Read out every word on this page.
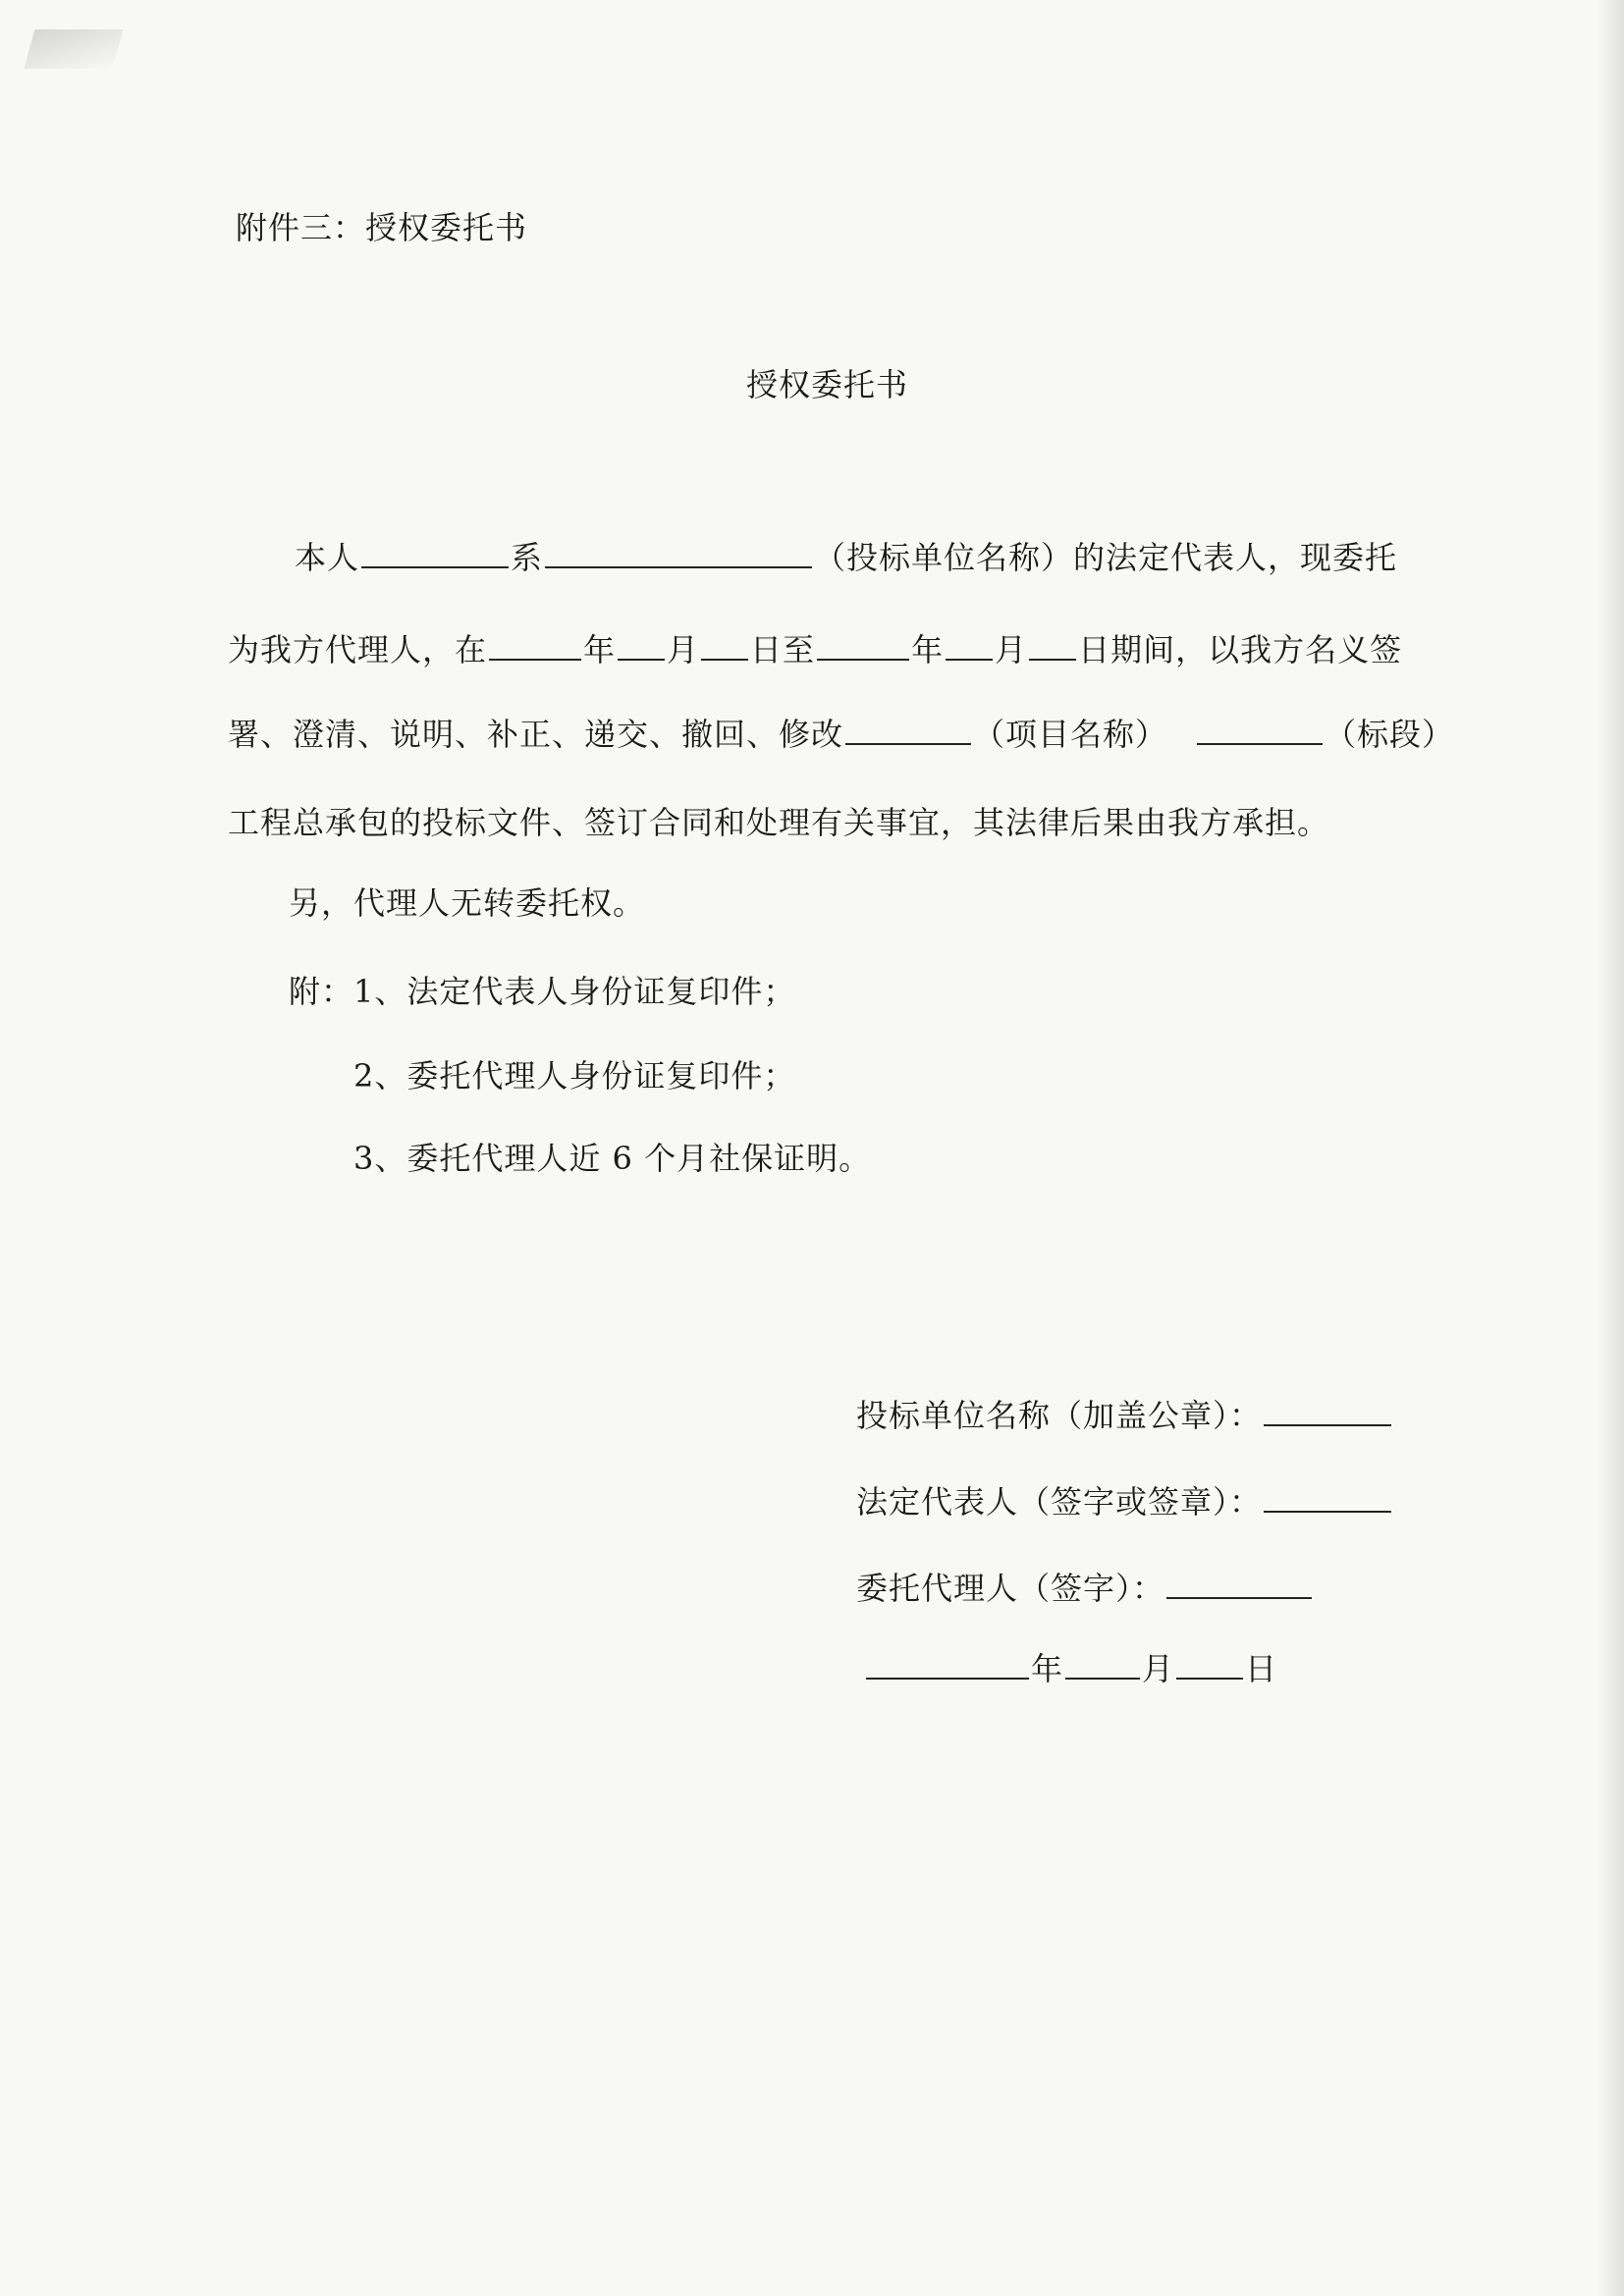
附件三：授权委托书
授权委托书
本人	系	（投标单位名称）的法定代表人，现委托
为我方代理人，在	年 月 日至	年 月 日期间，以我方名义签
署、澄清、说明、补正、递交、撤回、修改	（项目名称）	（标段）
工程总承包的投标文件、签订合同和处理有关事宜，其法律后果由我方承担。
另，代理人无转委托权。
附：1、法定代表人身份证复印件；
2、委托代理人身份证复印件；
3、委托代理人近 6 个月社保证明。
投标单位名称（加盖公章）：
法定代表人（签字或签章）：
委托代理人（签字）：
年	月 日
